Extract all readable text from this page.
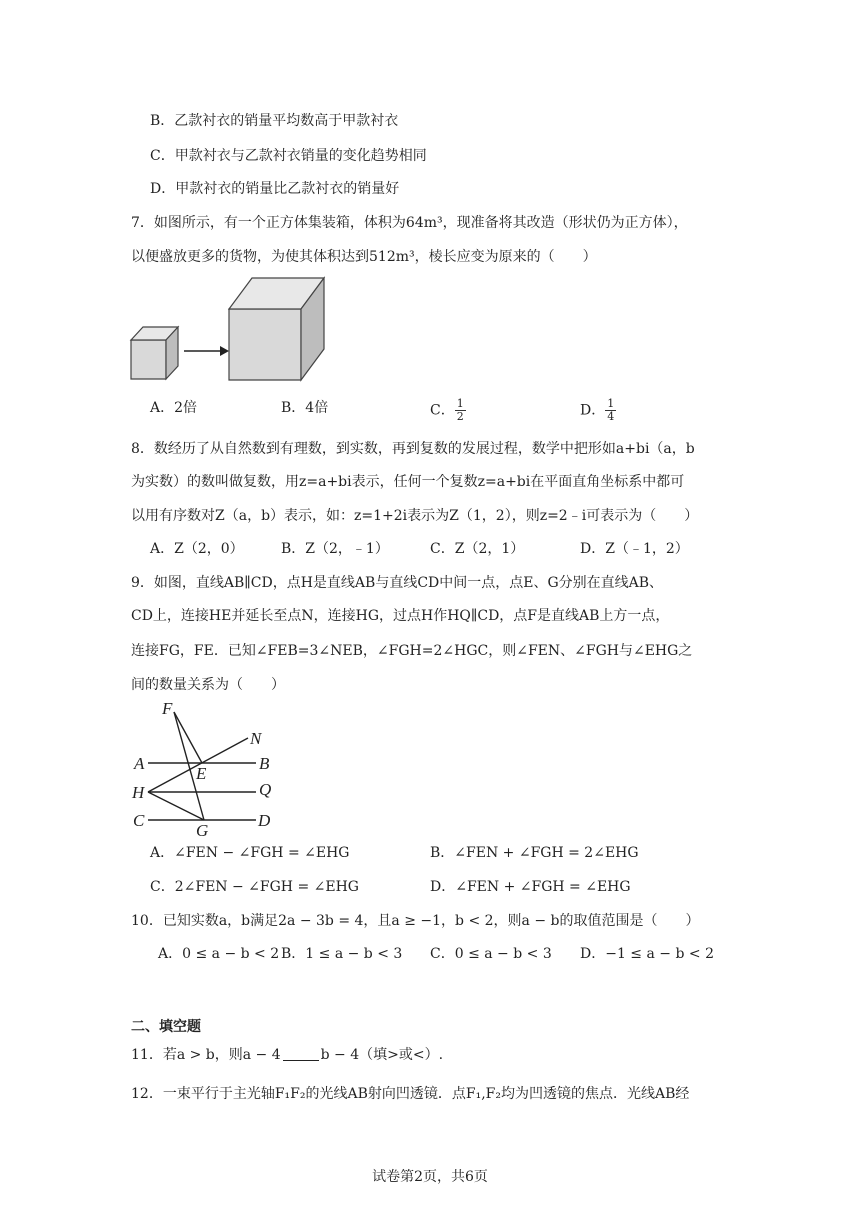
B．乙款衬衣的销量平均数高于甲款衬衣
C．甲款衬衣与乙款衬衣销量的变化趋势相同
D．甲款衬衣的销量比乙款衬衣的销量好
7．如图所示，有一个正方体集装箱，体积为64m³，现准备将其改造（形状仍为正方体），
以便盛放更多的货物，为使其体积达到512m³，棱长应变为原来的（　　）
A．2倍	B．4倍	C． $\frac{1}{2}$	D． $\frac{1}{4}$
8．数经历了从自然数到有理数，到实数，再到复数的发展过程，数学中把形如a+bi（a，b
为实数）的数叫做复数，用z=a+bi表示，任何一个复数z=a+bi在平面直角坐标系中都可
以用有序数对Z（a，b）表示，如：z=1+2i表示为Z（1，2），则z=2﹣i可表示为（　　）
A．Z（2，0）	B．Z（2，﹣1）	C．Z（2，1）	D．Z（﹣1，2）
9．如图，直线AB∥CD，点H是直线AB与直线CD中间一点，点E、G分别在直线AB、
CD上，连接HE并延长至点N，连接HG，过点H作HQ∥CD，点F是直线AB上方一点，
连接FG，FE．已知∠FEB=3∠NEB，∠FGH=2∠HGC，则∠FEN、∠FGH与∠EHG之
间的数量关系为（　　）
F
N
A
E
B
H	Q
C
G
D
A．∠FEN − ∠FGH = ∠EHG	B．∠FEN + ∠FGH = 2∠EHG
C．2∠FEN − ∠FGH = ∠EHG	D．∠FEN + ∠FGH = ∠EHG
10．已知实数a，b满足2a − 3b = 4，且a ≥ −1，b < 2，则a − b的取值范围是（　　）
A．0 ≤ a − b < 2 B．1 ≤ a − b < 3 C．0 ≤ a − b < 3 D．−1 ≤ a − b < 2
二、填空题
11．若a > b，则a − 4	b − 4（填>或<）.
12．一束平行于主光轴F₁F₂的光线AB射向凹透镜．点F₁,F₂均为凹透镜的焦点．光线AB经
试卷第2页，共6页
